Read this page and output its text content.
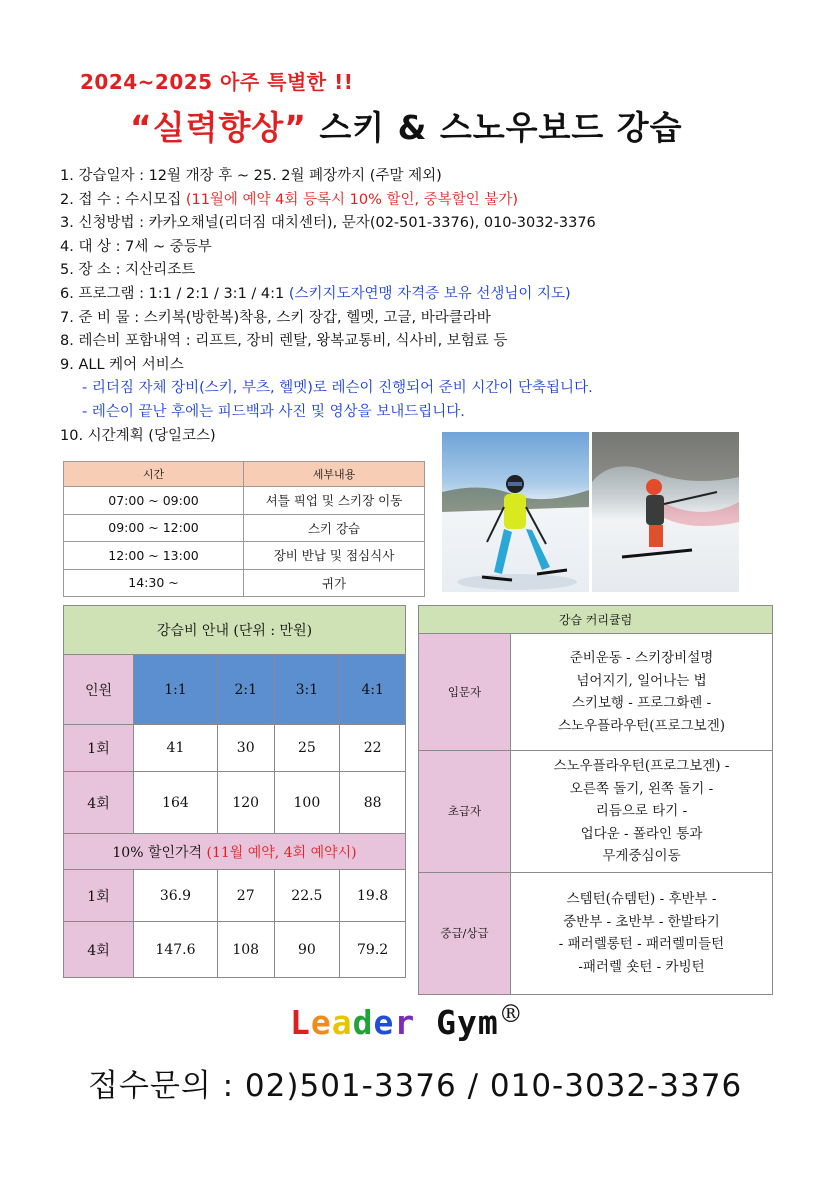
2024~2025 아주 특별한 !!
“실력향상” 스키 & 스노우보드 강습
1. 강습일자 : 12월 개장 후 ~ 25. 2월 폐장까지 (주말 제외)
2. 접 수 : 수시모집 (11월에 예약 4회 등록시 10% 할인, 중복할인 불가)
3. 신청방법 : 카카오채널(리더짐 대치센터), 문자(02-501-3376), 010-3032-3376
4. 대 상 : 7세 ~ 중등부
5. 장 소 : 지산리조트
6. 프로그램 : 1:1 / 2:1 / 3:1 / 4:1 (스키지도자연맹 자격증 보유 선생님이 지도)
7. 준 비 물 : 스키복(방한복)착용, 스키 장갑, 헬멧, 고글, 바라클라바
8. 레슨비 포함내역 : 리프트, 장비 렌탈, 왕복교통비, 식사비, 보험료 등
9. ALL 케어 서비스
- 리더짐 자체 장비(스키, 부츠, 헬멧)로 레슨이 진행되어 준비 시간이 단축됩니다.
- 레슨이 끝난 후에는 피드백과 사진 및 영상을 보내드립니다.
10. 시간계획 (당일코스)
시간	세부내용
07:00 ~ 09:00	셔틀 픽업 및 스키장 이동
09:00 ~ 12:00	스키 강습
12:00 ~ 13:00	장비 반납 및 점심식사
14:30 ~	귀가
강습비 안내 (단위 : 만원)				
인원	1:1	2:1	3:1	4:1
1회	41	30	25	22
4회	164	120	100	88
10% 할인가격 (11월 예약, 4회 예약시)				
1회	36.9	27	22.5	19.8
4회	147.6	108	90	79.2
강습 커리큘럼	
입문자	준비운동 - 스키장비설명
넘어지기, 일어나는 법
스키보행 - 프로그화렌 -
스노우플라우턴(프로그보겐)

초급자	스노우플라우턴(프로그보겐) -
오른쪽 돌기, 왼쪽 돌기 -
리듬으로 타기 -
업다운 - 폴라인 통과
무게중심이동

중급/상급	스템턴(슈템턴) - 후반부 -
중반부 - 초반부 - 한발타기
- 패러렐롱턴 - 패러렐미들턴
-패러렐 숏턴 - 카빙턴
Leader Gym®
접수문의 : 02)501-3376 / 010-3032-3376
